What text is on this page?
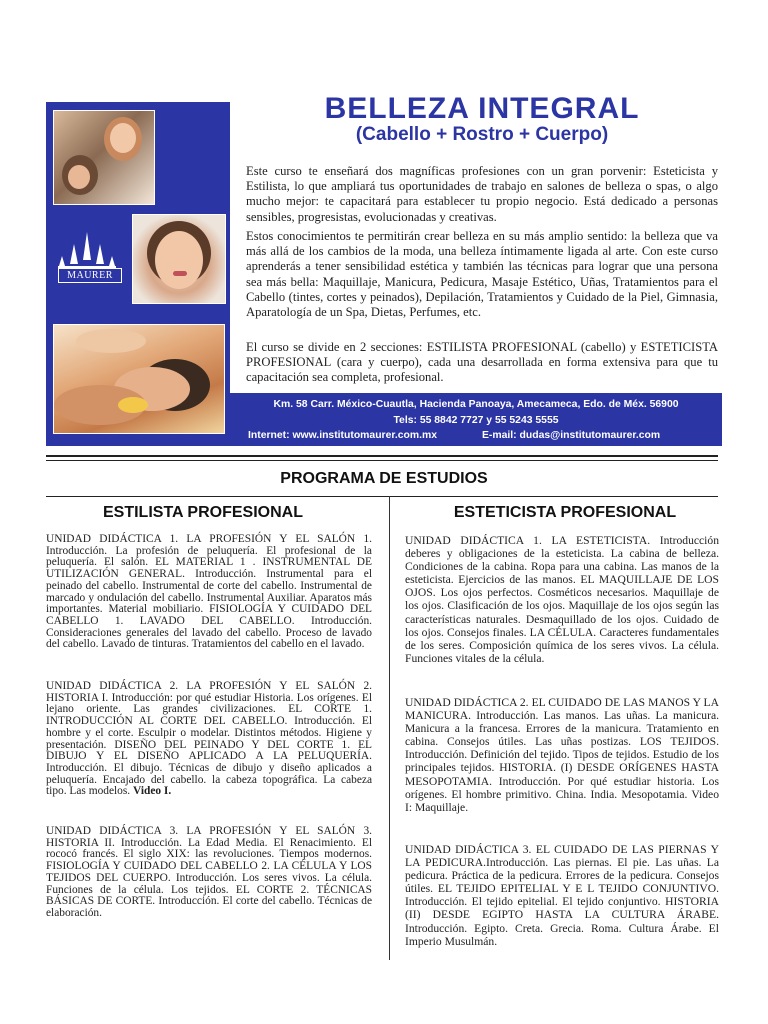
MAURER
BELLEZA INTEGRAL
(Cabello + Rostro + Cuerpo)

Este curso te enseñará dos magníficas profesiones con un gran porvenir: Esteticista y Estilista, lo que ampliará tus oportunidades de trabajo en salones de belleza o spas, o algo mucho mejor: te capacitará para establecer tu propio negocio. Está dedicado a personas sensibles, progresistas, evolucionadas y creativas.

Estos conocimientos te permitirán crear belleza en su más amplio sentido: la belleza que va más allá de los cambios de la moda, una belleza íntimamente ligada al arte. Con este curso aprenderás a tener sensibilidad estética y también las técnicas para lograr que una persona sea más bella: Maquillaje, Manicura, Pedicura, Masaje Estético, Uñas, Tratamientos para el Cabello (tintes, cortes y peinados), Depilación, Tratamientos y Cuidado de la Piel, Gimnasia, Aparatología de un Spa, Dietas, Perfumes, etc.

El curso se divide en 2 secciones: ESTILISTA PROFESIONAL (cabello) y ESTETICISTA PROFESIONAL (cara y cuerpo), cada una desarrollada en forma extensiva para que tu capacitación sea completa, profesional.

Km. 58 Carr. México-Cuautla, Hacienda Panoaya, Amecameca, Edo. de Méx. 56900
Tels: 55 8842 7727 y 55 5243 5555
Internet: www.institutomaurer.com.mx	E-mail: dudas@institutomaurer.com
PROGRAMA DE ESTUDIOS
ESTILISTA PROFESIONAL	ESTETICISTA PROFESIONAL

UNIDAD DIDÁCTICA 1. LA PROFESIÓN Y EL SALÓN 1. Introducción. La profesión de peluquería. El profesional de la peluquería. El salón. EL MATERIAL 1 . INSTRUMENTAL DE UTILIZACIÓN GENERAL. Introducción. Instrumental para el peinado del cabello. Instrumental de corte del cabello. Instrumental de marcado y ondulación del cabello. Instrumental Auxiliar. Aparatos más importantes. Material mobiliario. FISIOLOGÍA Y CUIDADO DEL CABELLO 1. LAVADO DEL CABELLO. Introducción. Consideraciones generales del lavado del cabello. Proceso de lavado del cabello. Lavado de tinturas. Tratamientos del cabello en el lavado.

UNIDAD DIDÁCTICA 2. LA PROFESIÓN Y EL SALÓN 2. HISTORIA I. Introducción: por qué estudiar Historia. Los orígenes. El lejano oriente. Las grandes civilizaciones. EL CORTE 1. INTRODUCCIÓN AL CORTE DEL CABELLO. Introducción. El hombre y el corte. Esculpir o modelar. Distintos métodos. Higiene y presentación. DISEÑO DEL PEINADO Y DEL CORTE 1. EL DIBUJO Y EL DISEÑO APLICADO A LA PELUQUERÍA. Introducción. El dibujo. Técnicas de dibujo y diseño aplicados a peluquería. Encajado del cabello. la cabeza topográfica. La cabeza tipo. Las modelos. Video I.

UNIDAD DIDÁCTICA 3. LA PROFESIÓN Y EL SALÓN 3. HISTORIA II. Introducción. La Edad Media. El Renacimiento. El rococó francés. El siglo XIX: las revoluciones. Tiempos modernos. FISIOLOGÍA Y CUIDADO DEL CABELLO 2. LA CÉLULA Y LOS TEJIDOS DEL CUERPO. Introducción. Los seres vivos. La célula. Funciones de la célula. Los tejidos. EL CORTE 2. TÉCNICAS BÁSICAS DE CORTE. Introducción. El corte del cabello. Técnicas de elaboración.

UNIDAD DIDÁCTICA 1. LA ESTETICISTA. Introducción deberes y obligaciones de la esteticista. La cabina de belleza. Condiciones de la cabina. Ropa para una cabina. Las manos de la esteticista. Ejercicios de las manos. EL MAQUILLAJE DE LOS OJOS. Los ojos perfectos. Cosméticos necesarios. Maquillaje de los ojos. Clasificación de los ojos. Maquillaje de los ojos según las características naturales. Desmaquillado de los ojos. Cuidado de los ojos. Consejos finales. LA CÉLULA. Caracteres fundamentales de los seres. Composición química de los seres vivos. La célula. Funciones vitales de la célula.

UNIDAD DIDÁCTICA 2. EL CUIDADO DE LAS MANOS Y LA MANICURA. Introducción. Las manos. Las uñas. La manicura. Manicura a la francesa. Errores de la manicura. Tratamiento en cabina. Consejos útiles. Las uñas postizas. LOS TEJIDOS. Introducción. Definición del tejido. Tipos de tejidos. Estudio de los principales tejidos. HISTORIA. (I) DESDE ORÍGENES HASTA MESOPOTAMIA. Introducción. Por qué estudiar historia. Los orígenes. El hombre primitivo. China. India. Mesopotamia. Video I: Maquillaje.

UNIDAD DIDÁCTICA 3. EL CUIDADO DE LAS PIERNAS Y LA PEDICURA.Introducción. Las piernas. El pie. Las uñas. La pedicura. Práctica de la pedicura. Errores de la pedicura. Consejos útiles. EL TEJIDO EPITELIAL Y E L TEJIDO CONJUNTIVO. Introducción. El tejido epitelial. El tejido conjuntivo. HISTORIA (II) DESDE EGIPTO HASTA LA CULTURA ÁRABE. Introducción. Egipto. Creta. Grecia. Roma. Cultura Árabe. El Imperio Musulmán.
